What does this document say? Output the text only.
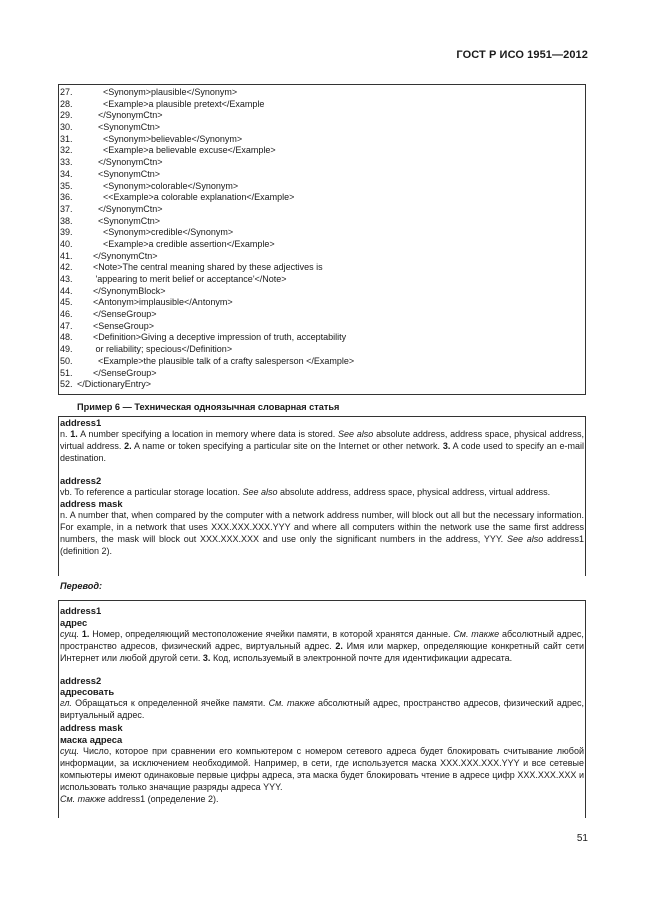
ГОСТ Р ИСО 1951—2012
27.	<Synonym>plausible</Synonym>
28.	<Example>a plausible pretext</Example
29.	</SynonymCtn>
30.	<SynonymCtn>
31.	<Synonym>believable</Synonym>
32.	<Example>a believable excuse</Example>
33.	</SynonymCtn>
34.	<SynonymCtn>
35.	<Synonym>colorable</Synonym>
36.	<<Example>a colorable explanation</Example>
37.	</SynonymCtn>
38.	<SynonymCtn>
39.	<Synonym>credible</Synonym>
40.	<Example>a credible assertion</Example>
41.	</SynonymCtn>
42.	<Note>The central meaning shared by these adjectives is
43.	'appearing to merit belief or acceptance'</Note>
44.	</SynonymBlock>
45.	<Antonym>implausible</Antonym>
46.	</SenseGroup>
47.	<SenseGroup>
48.	<Definition>Giving a deceptive impression of truth, acceptability
49.	or reliability; specious</Definition>
50.	<Example>the plausible talk of a crafty salesperson </Example>
51.	</SenseGroup>
52. </DictionaryEntry>
Пример 6 — Техническая одноязычная словарная статья

address1

n. 1. A number specifying a location in memory where data is stored. See also absolute address, address space, physical address, virtual address. 2. A name or token specifying a particular site on the Internet or other network. 3. A code used to specify an e-mail destination.

address2

vb. To reference a particular storage location. See also absolute address, address space, physical address, virtual address.

address mask

n. A number that, when compared by the computer with a network address number, will block out all but the necessary information. For example, in a network that uses XXX.XXX.XXX.YYY and where all computers within the network use the same first address numbers, the mask will block out XXX.XXX.XXX and use only the significant numbers in the address, YYY. See also address1 (definition 2).

Перевод:

address1

адрес

сущ. 1. Номер, определяющий местоположение ячейки памяти, в которой хранятся данные. См. также абсолютный адрес, пространство адресов, физический адрес, виртуальный адрес. 2. Имя или маркер, определяющие конкретный сайт сети Интернет или любой другой сети. 3. Код, используемый в электронной почте для идентификации адресата.

address2

адресовать

гл. Обращаться к определенной ячейке памяти. См. также абсолютный адрес, пространство адресов, физический адрес, виртуальный адрес.

address mask

маска адреса

сущ. Число, которое при сравнении его компьютером с номером сетевого адреса будет блокировать считывание любой информации, за исключением необходимой. Например, в сети, где используется маска XXX.XXX.XXX.YYY и все сетевые компьютеры имеют одинаковые первые цифры адреса, эта маска будет блокировать чтение в адресе цифр XXX.XXX.XXX и использовать только значащие разряды адреса YYY.

См. также address1 (определение 2).

51
